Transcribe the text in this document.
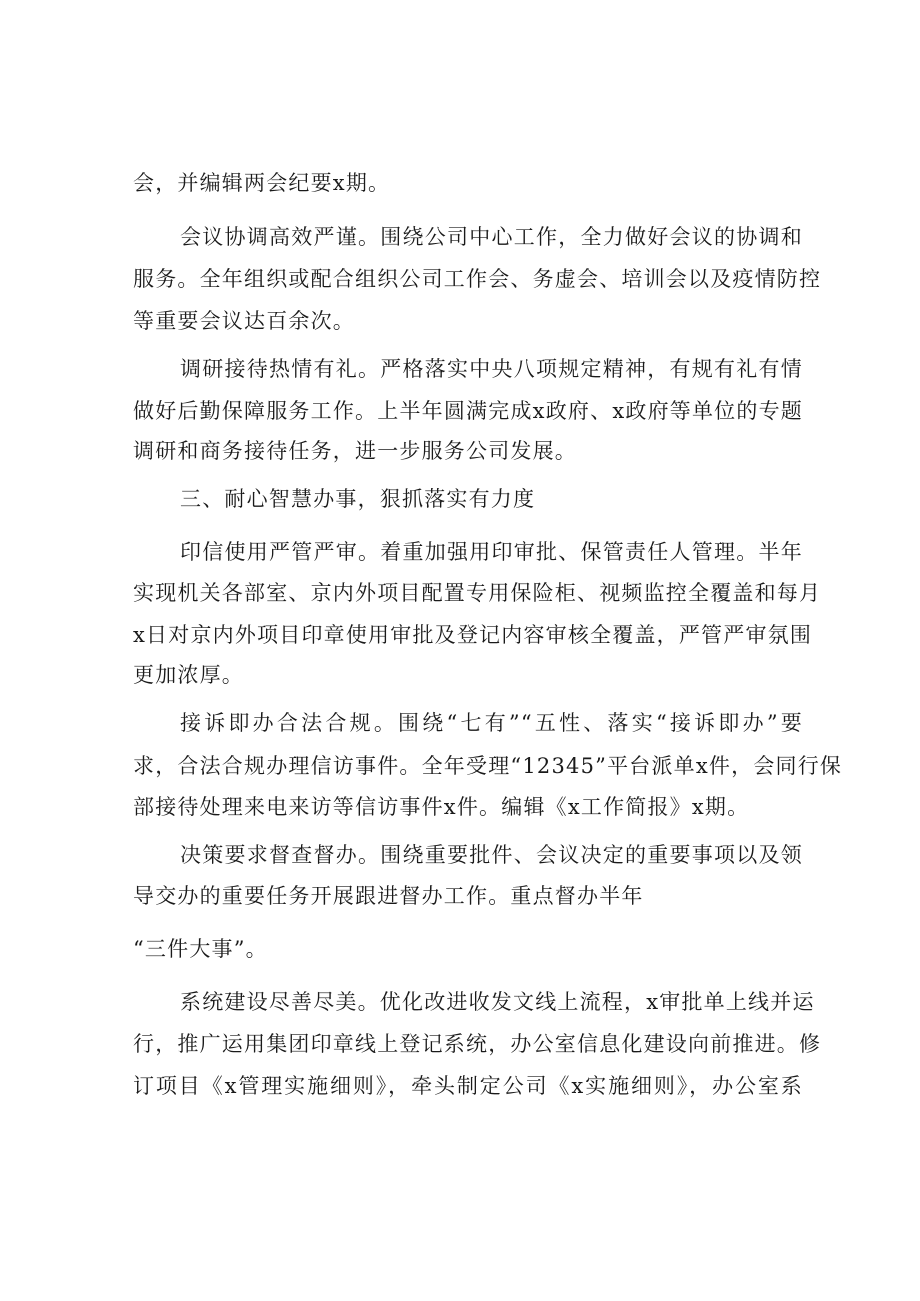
会，并编辑两会纪要x期。
会议协调高效严谨。围绕公司中心工作，全力做好会议的协调和
服务。全年组织或配合组织公司工作会、务虚会、培训会以及疫情防控
等重要会议达百余次。
调研接待热情有礼。严格落实中央八项规定精神，有规有礼有情
做好后勤保障服务工作。上半年圆满完成x政府、x政府等单位的专题
调研和商务接待任务，进一步服务公司发展。
三、耐心智慧办事，狠抓落实有力度
印信使用严管严审。着重加强用印审批、保管责任人管理。半年
实现机关各部室、京内外项目配置专用保险柜、视频监控全覆盖和每月
x日对京内外项目印章使用审批及登记内容审核全覆盖，严管严审氛围
更加浓厚。
接诉即办合法合规。围绕“七有”“五性、落实“接诉即办”要
求，合法合规办理信访事件。全年受理“12345”平台派单x件，会同行保
部接待处理来电来访等信访事件x件。编辑《x工作简报》x期。
决策要求督查督办。围绕重要批件、会议决定的重要事项以及领
导交办的重要任务开展跟进督办工作。重点督办半年
“三件大事”。
系统建设尽善尽美。优化改进收发文线上流程，x审批单上线并运
行，推广运用集团印章线上登记系统，办公室信息化建设向前推进。修
订项目《x管理实施细则》，牵头制定公司《x实施细则》，办公室系
